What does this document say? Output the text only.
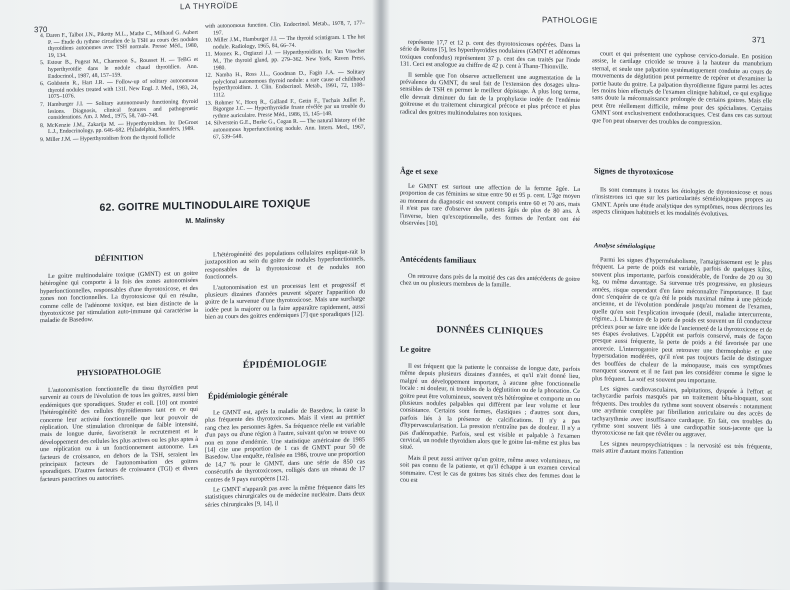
LA THYROÏDE
370
4. Daren F., Talbot J.N., Piketty M.L., Mathe C., Milhaud G. Aubert P. — Étude du rythme circadien de la TSH au cours des nodules thyroïdiens autonomes avec TSH normale. Presse Méd., 1980, 19, 134.
5. Estour B., Pugeat M., Charmeon S., Rousset H. — TeBG et hyperthyroïdie dans le nodule chaud thyroïdien. Ann. Endocrinol., 1987, 48, 157–159.
6. Goldstein R., Hart J.R. — Follow-up of solitary autonomous thyroid nodules treated with 131I. New Engl. J. Med., 1983, 24, 1075–1076.
7. Hamburger J.I. — Solitary autonomously functioning thyroid lesions. Diagnosis, clinical features and pathogenetic considerations. Am. J. Med., 1975, 58, 740–748.
8. McKenzie J.M., Zakarija M. — Hyperthyroidism. In: DeGroot L.J., Endocrinology, pp. 646–682. Philadelphia, Saunders, 1989.
9. Miller J.M. — Hyperthyroidism from the thyroid follicle
with autonomous function. Clin. Endocrinol. Metab., 1978, 7, 177–197.
10. Miller J.M., Hamburger J.I. — The thyroid scintigram. I. The hot nodule. Radiology, 1965, 84, 66–74.
11. Momex R., Orgiazzi J.J. — Hyperthyroidism. In: Van Visscher M., The thyroid gland, pp. 279–362. New York, Raven Press, 1980.
12. Namba H., Ross J.L., Goodman D., Fagin J.A. — Solitary polyclonal autonomous thyroid nodule: a rare cause of childhood hyperthyroidism. J. Clin. Endocrinol. Metab., 1991, 72, 1108–1112.
13. Rohmer V., Hocq R., Galland F., Getin F., Tuchais Juillet P., Bigorgne J.C. — Hyperthyroïdie fruste révélée par un trouble du rythme auriculaire. Presse Méd., 1986, 15, 145–148.
14. Silverstein G.E., Burke G., Cogan R. — The natural history of the autonomous hyperfunctioning nodule. Ann. Intern. Med., 1967, 67, 539–548.
62. GOITRE MULTINODULAIRE TOXIQUE
M. Malinsky
DÉFINITION

Le goitre multinodulaire toxique (GMNT) est un goitre hétérogène qui comporte à la fois des zones autonomisées hyperfonctionnelles, responsables d'une thyrotoxicose, et des zones non fonctionnelles. La thyrotoxicose qui en résulte, comme celle de l'adénome toxique, est bien distincte de la thyrotoxicose par stimulation auto-immune qui caractérise la maladie de Basedow.

L'hétérogénéité des populations cellulaires explique-rait la juxtaposition au sein du goitre de nodules hyperfonctionnels, responsables de la thyrotoxicose et de nodules non fonctionnels.

L'autonomisation est un processus lent et progressif et plusieurs dizaines d'années peuvent séparer l'apparition du goitre de la survenue d'une thyrotoxicose. Mais une surcharge iodée peut la majorer ou la faire apparaître rapidement, aussi bien au cours des goitres endémiques [7] que sporadiques [12].

PHYSIOPATHOLOGIE

L'autonomisation fonctionnelle du tissu thyroïdien peut survenir au cours de l'évolution de tous les goitres, aussi bien endémiques que sporadiques. Studer et coll. [10] ont montré l'hétérogénéité des cellules thyroïdiennes tant en ce qui concerne leur activité fonctionnelle que leur pouvoir de réplication. Une stimulation chronique de faible intensité, mais de longue durée, favoriserait le recrutement et le développement des cellules les plus actives ou les plus aptes à une réplication ou à un fonctionnement autonome. Les facteurs de croissance, en dehors de la TSH, seraient les principaux facteurs de l'autonomisation des goitres sporadiques. D'autres facteurs de croissance (TGI) et divers facteurs paracrines ou autocrines.

ÉPIDÉMIOLOGIE
Épidémiologie générale

Le GMNT est, après la maladie de Basedow, la cause la plus fréquente des thyrotoxicoses. Mais il vient au premier rang chez les personnes âgées. Sa fréquence réelle est variable d'un pays ou d'une région à l'autre, suivant qu'on se trouve ou non en zone d'endémie. Une statistique américaine de 1985 [14] cite une proportion de 1 cas de GMNT pour 50 de Basedow. Une enquête, réalisée en 1986, trouve une proportion de 14,7 % pour le GMNT, dans une série de 850 cas consécutifs de thyrotoxicoses, colligés dans un réseau de 17 centres de 9 pays européens [12].

Le GMNT n'apparaît pas avec la même fréquence dans les statistiques chirurgicales ou de médecine nucléaire. Dans deux séries chirurgicales [9, 14], il

PATHOLOGIE
371

représente 17,7 et 12 p. cent des thyrotoxicoses opérées. Dans la série de Reims [5], les hyperthyroïdies nodulaires (GMNT et adénomes toxiques confondus) représentent 37 p. cent des cas traités par l'iode 131. Ceci est analogue au chiffre de 42 p. cent à Thann-Thionville.

Il semble que l'on observe actuellement une augmentation de la prévalence du GMNT, du seul fait de l'extension des dosages ultra-sensibles de TSH en permet le meilleur dépistage. À plus long terme, elle devrait diminuer du fait de la prophylaxie iodée de l'endémie goitreuse et du traitement chirurgical précoce et plus précoce et plus radical des goitres multinodulaires non toxiques.

Âge et sexe

Le GMNT est surtout une affection de la femme âgée. La proportion de cas féminins se situe entre 90 et 95 p. cent. L'âge moyen au moment du diagnostic est souvent compris entre 60 et 70 ans, mais il n'est pas rare d'observer des patients âgés de plus de 80 ans. À l'inverse, bien qu'exceptionnelle, des formes de l'enfant ont été observées [10].

Antécédents familiaux

On retrouve dans près de la moitié des cas des antécédents de goitre chez un ou plusieurs membres de la famille.

DONNÉES CLINIQUES
Le goitre

Il est fréquent que la patiente le connaisse de longue date, parfois même depuis plusieurs dizaines d'années, et qu'il n'ait donné lieu, malgré un développement important, à aucune gêne fonctionnelle locale : ni douleur, ni troubles de la déglutition ou de la phonation. Ce goitre peut être volumineux, souvent très hétérogène et comporte un ou plusieurs nodules palpables qui diffèrent par leur volume et leur consistance. Certains sont fermes, élastiques ; d'autres sont durs, parfois liés à la présence de calcifications. Il n'y a pas d'hypervascularisation. La pression n'entraîne pas de douleur. Il n'y a pas d'adénopathie. Parfois, seul est visible et palpable à l'examen cervical, un nodule thyroïdien alors que le goitre lui-même est plus bas situé.

Mais il peut aussi arriver qu'un goitre, même assez volumineux, ne soit pas connu de la patiente, et qu'il échappe à un examen cervical sommaire. C'est le cas de goitres bas situés chez des femmes dont le cou est

court et qui présentent une cyphose cervico-dorsale. En position assise, le cartilage cricoïde se trouve à la hauteur du manubrium sternal, et seule une palpation systématiquement conduite au cours de mouvements de déglutition peut permettre de repérer et d'examiner la partie haute du goitre. La palpation thyroïdienne figure parmi les actes les moins bien effectués de l'examen clinique habituel, ce qui explique sans doute la méconnaissance prolongée de certains goitres. Mais elle peut être réellement difficile, même pour des spécialistes. Certains GMNT sont exclusivement endothoraciques. C'est dans ces cas surtout que l'on peut observer des troubles de compression.

Signes de thyrotoxicose

Ils sont communs à toutes les étiologies de thyrotoxicose et nous n'insisterons ici que sur les particularités séméiologiques propres au GMNT. Après une étude analytique des symptômes, nous décrirons les aspects cliniques habituels et les modalités évolutives.

Analyse séméiologique

Parmi les signes d'hypermétabolisme, l'amaigrissement est le plus fréquent. La perte de poids est variable, parfois de quelques kilos, souvent plus importante, parfois considérable, de l'ordre de 20 ou 30 kg, ou même davantage. Sa survenue très progressive, en plusieurs années, risque cependant d'en faire méconnaître l'importance. Il faut donc s'enquérir de ce qu'a été le poids maximal même à une période ancienne, et de l'évolution pondérale jusqu'au moment de l'examen, quelle qu'en soit l'explication invoquée (deuil, maladie intercurrente, régime...). L'histoire de la perte de poids est souvent un fil conducteur précieux pour se faire une idée de l'ancienneté de la thyrotoxicose et de ses étapes évolutives. L'appétit est parfois conservé, mais de façon presque aussi fréquente, la perte de poids a été favorisée par une anorexie. L'interrogatoire peut retrouver une thermophobie et une hypersudation modérées, qu'il n'est pas toujours facile de distinguer des bouffées de chaleur de la ménopause, mais ces symptômes manquent souvent et il ne faut pas les considérer comme le signe le plus fréquent. La soif est souvent peu importante.

Les signes cardiovasculaires, palpitations, dyspnée à l'effort et tachycardie parfois masqués par un traitement bêta-bloquant, sont fréquents. Des troubles du rythme sont souvent observés : notamment une arythmie complète par fibrillation auriculaire ou des accès de tachyarythmie avec insuffisance cardiaque. En fait, ces troubles du rythme sont souvent liés à une cardiopathie sous-jacente que la thyrotoxicose ne fait que révéler ou aggraver.

Les signes neuropsychiatriques : la nervosité est très fréquente, mais attire d'autant moins l'attention
